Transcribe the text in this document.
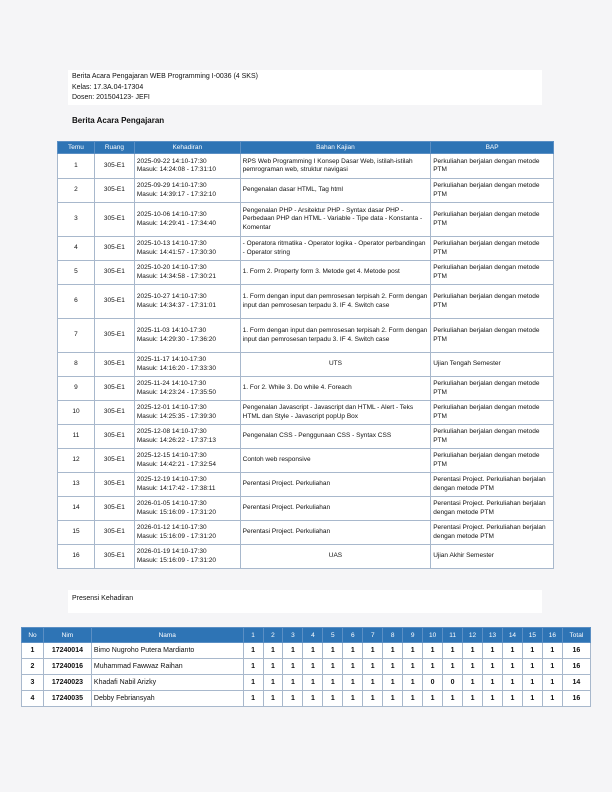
Berita Acara Pengajaran WEB Programming I-0036 (4 SKS)
Kelas: 17.3A.04-17304
Dosen: 201504123- JEFI
Berita Acara Pengajaran
Temu	Ruang	Kehadiran	Bahan Kajian	BAP
1	305-E1	2025-09-22 14:10-17:30
Masuk: 14:24:08 - 17:31:10	RPS Web Programming I Konsep Dasar Web, istilah-istilah pemrograman web, struktur navigasi	Perkuliahan berjalan dengan metode PTM
2	305-E1	2025-09-29 14:10-17:30
Masuk: 14:39:17 - 17:32:10	Pengenalan dasar HTML, Tag html	Perkuliahan berjalan dengan metode PTM
3	305-E1	2025-10-06 14:10-17:30
Masuk: 14:29:41 - 17:34:40	Pengenalan PHP - Arsitektur PHP - Syntax dasar PHP - Perbedaan PHP dan HTML - Variable - Tipe data - Konstanta - Komentar	Perkuliahan berjalan dengan metode PTM
4	305-E1	2025-10-13 14:10-17:30
Masuk: 14:41:57 - 17:30:30	- Operatora ritmatika - Operator logika - Operator perbandingan - Operator string	Perkuliahan berjalan dengan metode PTM
5	305-E1	2025-10-20 14:10-17:30
Masuk: 14:34:58 - 17:30:21	1. Form 2. Property form 3. Metode get 4. Metode post	Perkuliahan berjalan dengan metode PTM
6	305-E1	2025-10-27 14:10-17:30
Masuk: 14:34:37 - 17:31:01	1. Form dengan input dan pemrosesan terpisah 2. Form dengan input dan pemrosesan terpadu 3. IF 4. Switch case	Perkuliahan berjalan dengan metode PTM
7	305-E1	2025-11-03 14:10-17:30
Masuk: 14:29:30 - 17:36:20	1. Form dengan input dan pemrosesan terpisah 2. Form dengan input dan pemrosesan terpadu 3. IF 4. Switch case	Perkuliahan berjalan dengan metode PTM
8	305-E1	2025-11-17 14:10-17:30
Masuk: 14:16:20 - 17:33:30	UTS	Ujian Tengah Semester
9	305-E1	2025-11-24 14:10-17:30
Masuk: 14:23:24 - 17:35:50	1. For 2. While 3. Do while 4. Foreach	Perkuliahan berjalan dengan metode PTM
10	305-E1	2025-12-01 14:10-17:30
Masuk: 14:25:35 - 17:39:30	Pengenalan Javascript - Javascript dan HTML - Alert - Teks HTML dan Style - Javascript popUp Box	Perkuliahan berjalan dengan metode PTM
11	305-E1	2025-12-08 14:10-17:30
Masuk: 14:26:22 - 17:37:13	Pengenalan CSS - Penggunaan CSS - Syntax CSS	Perkuliahan berjalan dengan metode PTM
12	305-E1	2025-12-15 14:10-17:30
Masuk: 14:42:21 - 17:32:54	Contoh web responsive	Perkuliahan berjalan dengan metode PTM
13	305-E1	2025-12-19 14:10-17:30
Masuk: 14:17:42 - 17:38:11	Perentasi Project. Perkuliahan	Perentasi Project. Perkuliahan berjalan dengan metode PTM
14	305-E1	2026-01-05 14:10-17:30
Masuk: 15:16:09 - 17:31:20	Perentasi Project. Perkuliahan	Perentasi Project. Perkuliahan berjalan dengan metode PTM
15	305-E1	2026-01-12 14:10-17:30
Masuk: 15:16:09 - 17:31:20	Perentasi Project. Perkuliahan	Perentasi Project. Perkuliahan berjalan dengan metode PTM
16	305-E1	2026-01-19 14:10-17:30
Masuk: 15:16:09 - 17:31:20	UAS	Ujian Akhir Semester
Presensi Kehadiran
No	Nim	Nama	1	2	3	4	5	6	7	8	9	10	11	12	13	14	15	16	Total
1	17240014	Bimo Nugroho Putera Mardianto	1	1	1	1	1	1	1	1	1	1	1	1	1	1	1	1	16
2	17240016	Muhammad Fawwaz Raihan	1	1	1	1	1	1	1	1	1	1	1	1	1	1	1	1	16
3	17240023	Khadafi Nabil Arizky	1	1	1	1	1	1	1	1	1	0	0	1	1	1	1	1	14
4	17240035	Debby Febriansyah	1	1	1	1	1	1	1	1	1	1	1	1	1	1	1	1	16
